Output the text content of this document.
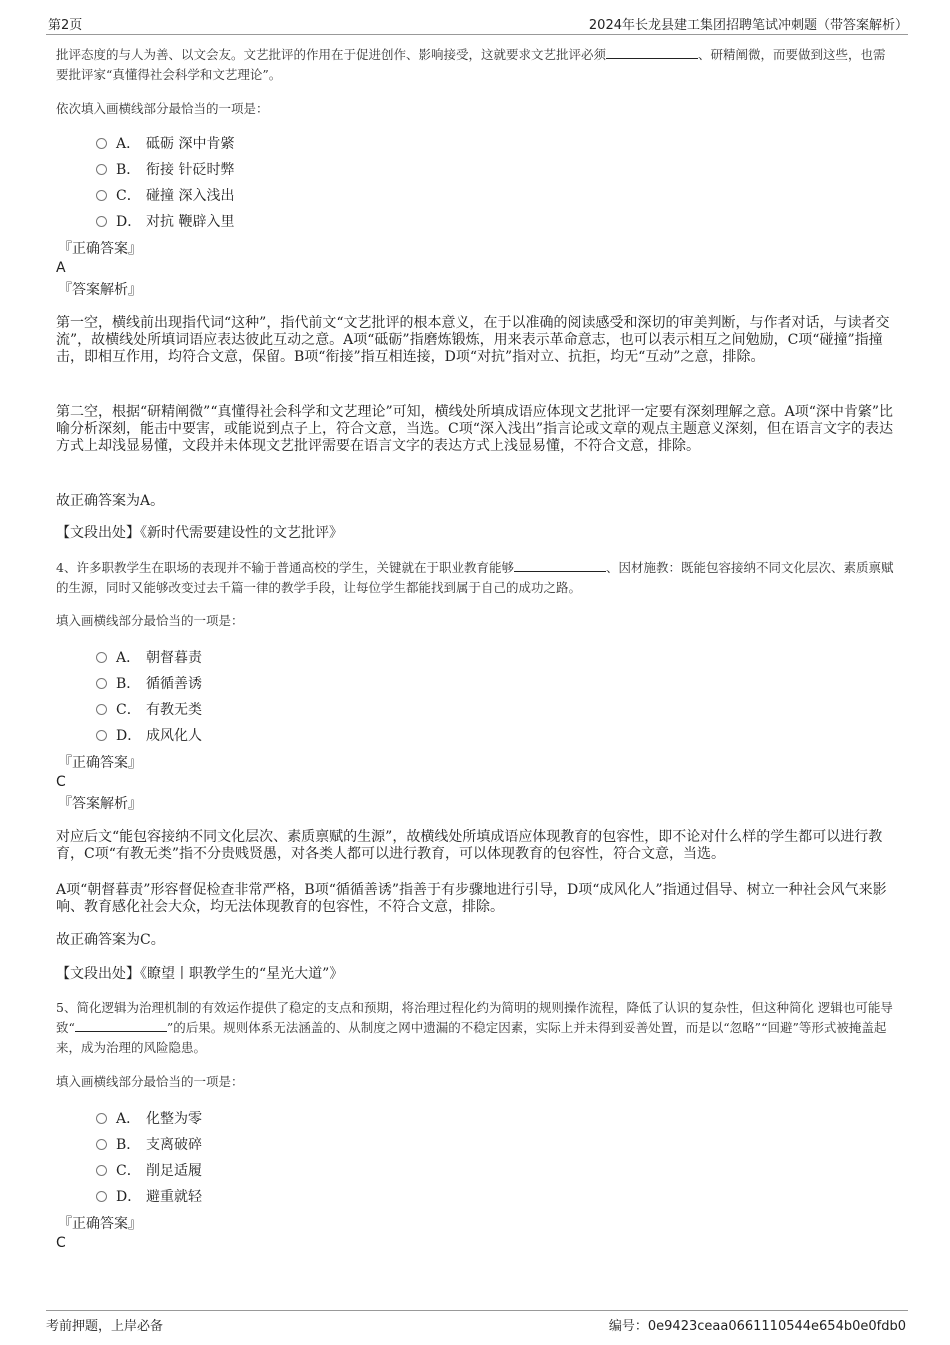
第2页	2024年长龙县建工集团招聘笔试冲刺题（带答案解析）
批评态度的与人为善、以文会友。文艺批评的作用在于促进创作、影响接受，这就要求文艺批评必须	、研精阐微，而要做到这些，也需要批评家“真懂得社会科学和文艺理论”。
依次填入画横线部分最恰当的一项是：
A． 砥砺 深中肯綮
B． 衔接 针砭时弊
C． 碰撞 深入浅出
D． 对抗 鞭辟入里
『正确答案』
A
『答案解析』
第一空，横线前出现指代词“这种”，指代前文“文艺批评的根本意义，在于以准确的阅读感受和深切的审美判断，与作者对话，与读者交流”，故横线处所填词语应表达彼此互动之意。A项“砥砺”指磨炼锻炼，用来表示革命意志，也可以表示相互之间勉励，C项“碰撞”指撞击，即相互作用，均符合文意，保留。B项“衔接”指互相连接，D项“对抗”指对立、抗拒，均无“互动”之意，排除。
第二空，根据“研精阐微”“真懂得社会科学和文艺理论”可知，横线处所填成语应体现文艺批评一定要有深刻理解之意。A项“深中肯綮”比喻分析深刻，能击中要害，或能说到点子上，符合文意，当选。C项“深入浅出”指言论或文章的观点主题意义深刻，但在语言文字的表达方式上却浅显易懂，文段并未体现文艺批评需要在语言文字的表达方式上浅显易懂，不符合文意，排除。
故正确答案为A。
【文段出处】《新时代需要建设性的文艺批评》
4、许多职教学生在职场的表现并不输于普通高校的学生，关键就在于职业教育能够	、因材施教：既能包容接纳不同文化层次、素质禀赋的生源，同时又能够改变过去千篇一律的教学手段，让每位学生都能找到属于自己的成功之路。
填入画横线部分最恰当的一项是：
A． 朝督暮责
B． 循循善诱
C． 有教无类
D． 成风化人
『正确答案』
C
『答案解析』
对应后文“能包容接纳不同文化层次、素质禀赋的生源”，故横线处所填成语应体现教育的包容性，即不论对什么样的学生都可以进行教育，C项“有教无类”指不分贵贱贤愚，对各类人都可以进行教育，可以体现教育的包容性，符合文意，当选。
A项“朝督暮责”形容督促检查非常严格，B项“循循善诱”指善于有步骤地进行引导，D项“成风化人”指通过倡导、树立一种社会风气来影响、教育感化社会大众，均无法体现教育的包容性，不符合文意，排除。
故正确答案为C。
【文段出处】《瞭望丨职教学生的“星光大道”》
5、简化逻辑为治理机制的有效运作提供了稳定的支点和预期，将治理过程化约为简明的规则操作流程，降低了认识的复杂性，但这种简化 逻辑也可能导致“	”的后果。规则体系无法涵盖的、从制度之网中遗漏的不稳定因素，实际上并未得到妥善处置，而是以“忽略”“回避”等形式被掩盖起来，成为治理的风险隐患。
填入画横线部分最恰当的一项是：
A． 化整为零
B． 支离破碎
C． 削足适履
D． 避重就轻
『正确答案』
C
考前押题，上岸必备	编号：0e9423ceaa0661110544e654b0e0fdb0
